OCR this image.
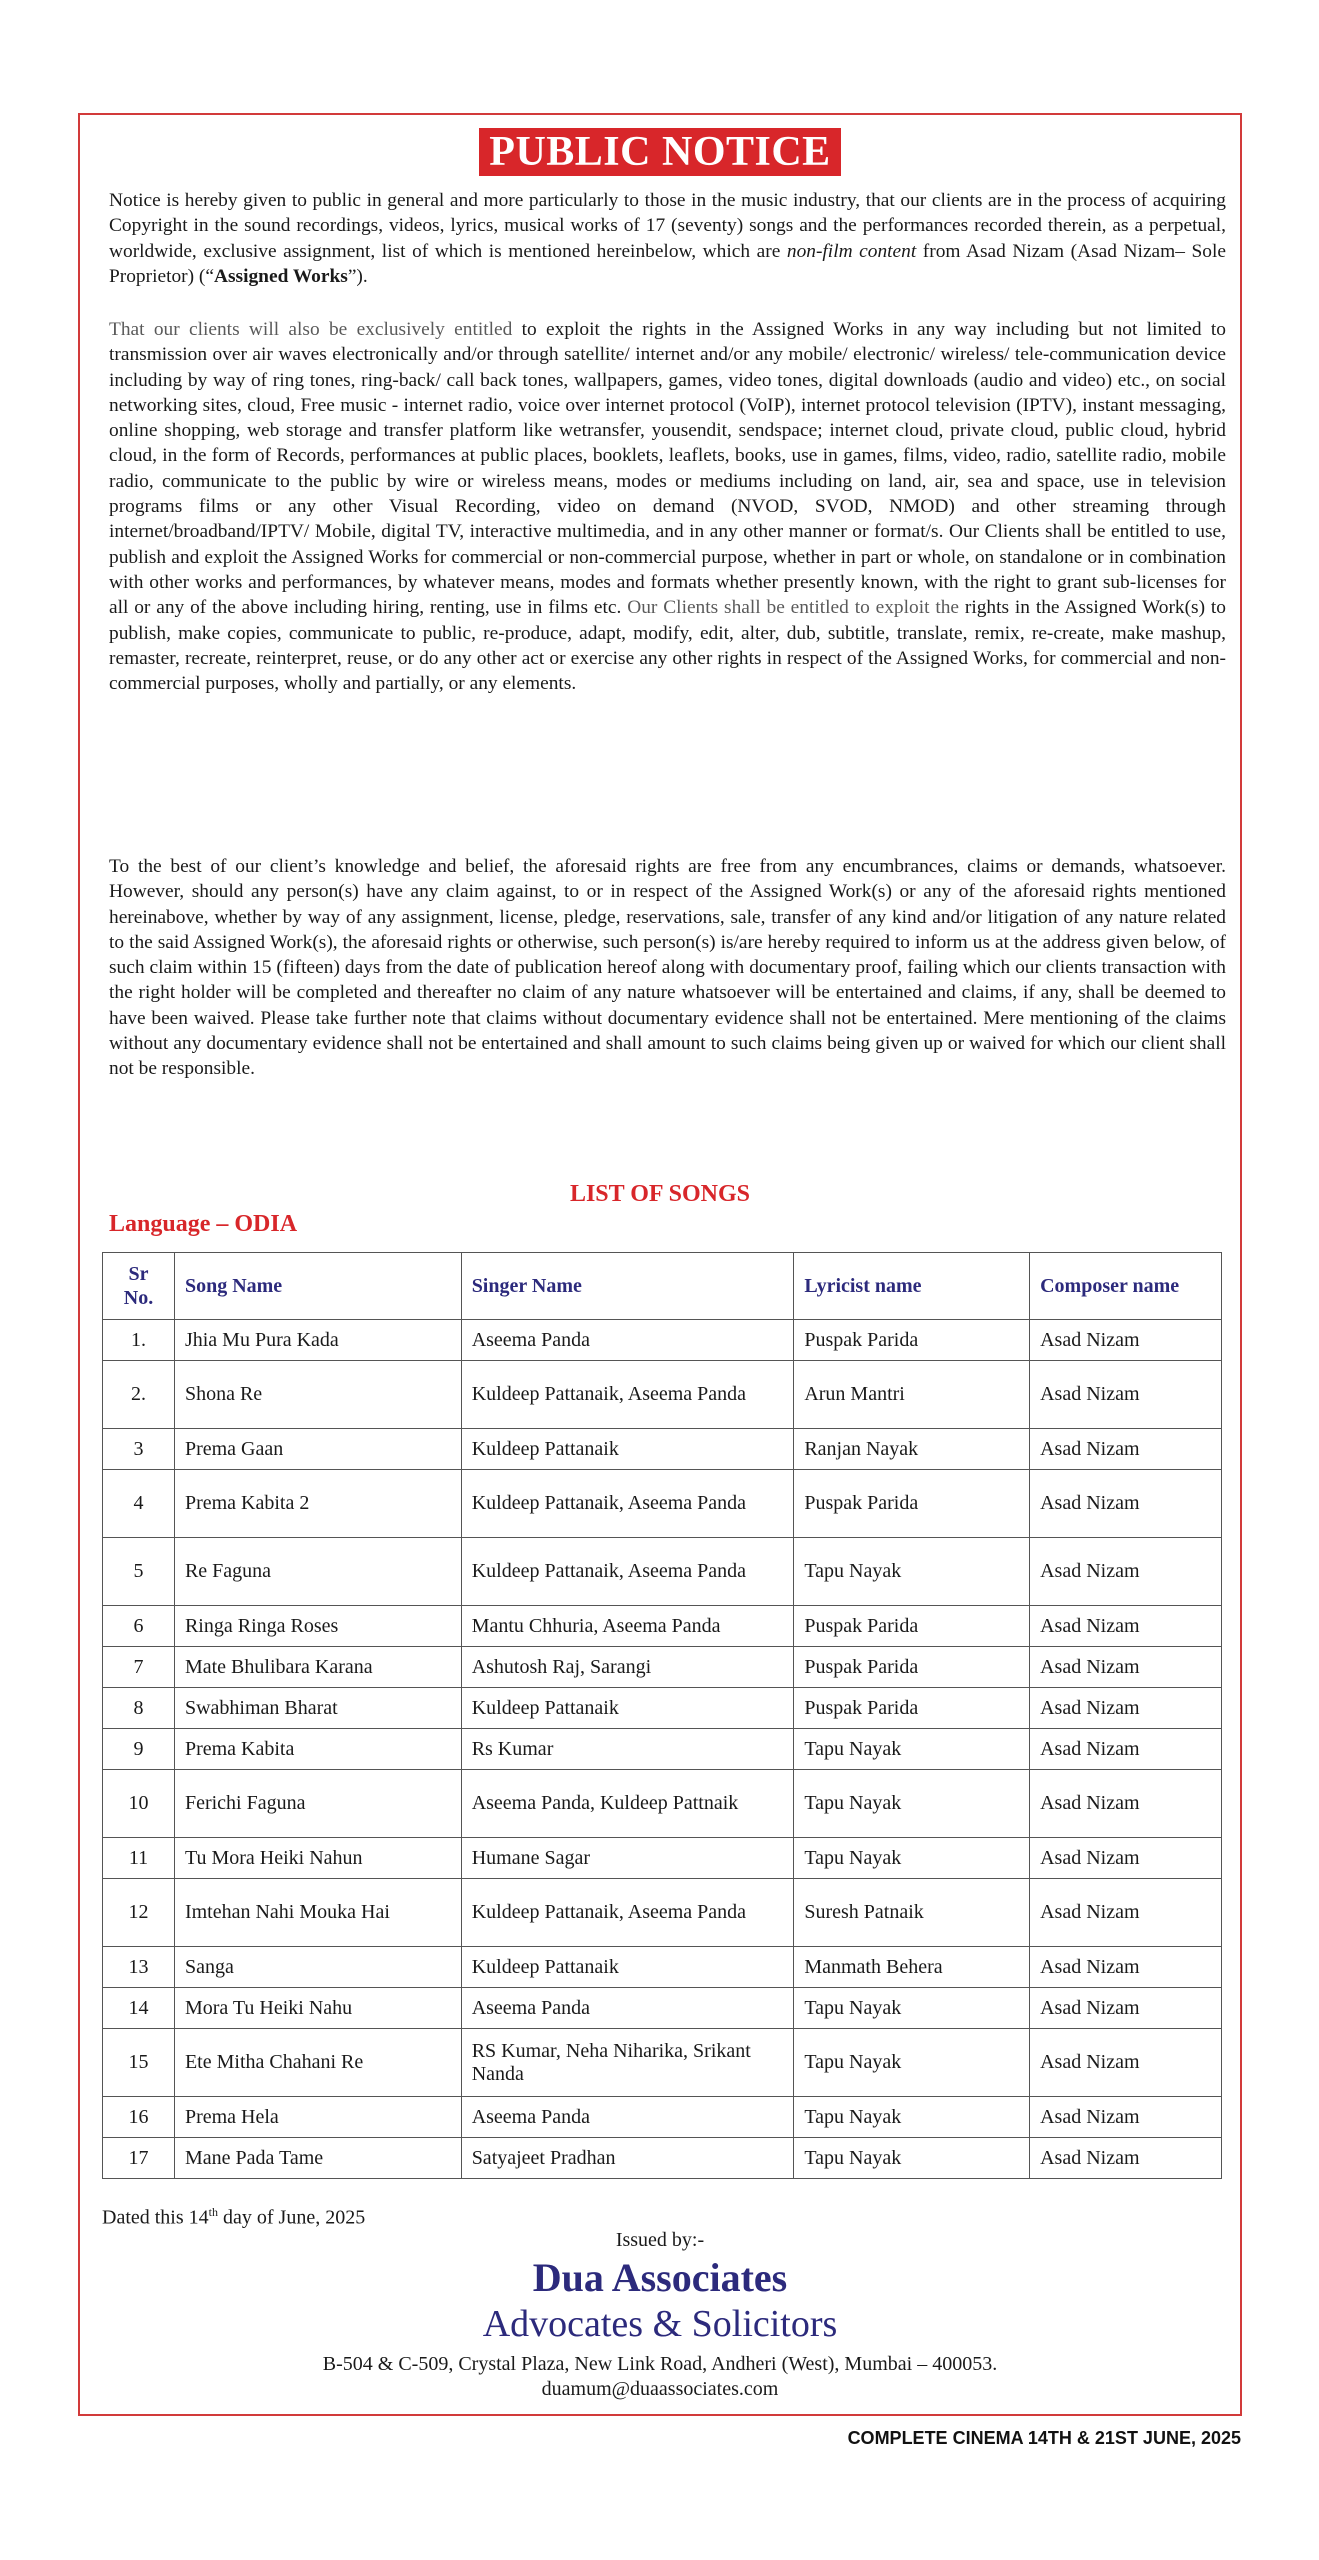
PUBLIC NOTICE

Notice is hereby given to public in general and more particularly to those in the music industry, that our clients are in the process of acquiring Copyright in the sound recordings, videos, lyrics, musical works of 17 (seventy) songs and the performances recorded therein, as a perpetual, worldwide, exclusive assignment, list of which is mentioned hereinbelow, which are non-film content from Asad Nizam (Asad Nizam– Sole Proprietor) (“Assigned Works”).

That our clients will also be exclusively entitled to exploit the rights in the Assigned Works in any way including but not limited to transmission over air waves electronically and/or through satellite/ internet and/or any mobile/ electronic/ wireless/ tele-communication device including by way of ring tones, ring-back/ call back tones, wallpapers, games, video tones, digital downloads (audio and video) etc., on social networking sites, cloud, Free music - internet radio, voice over internet protocol (VoIP), internet protocol television (IPTV), instant messaging, online shopping, web storage and transfer platform like wetransfer, yousendit, sendspace; internet cloud, private cloud, public cloud, hybrid cloud, in the form of Records, performances at public places, booklets, leaflets, books, use in games, films, video, radio, satellite radio, mobile radio, communicate to the public by wire or wireless means, modes or mediums including on land, air, sea and space, use in television programs films or any other Visual Recording, video on demand (NVOD, SVOD, NMOD) and other streaming through internet/broadband/IPTV/ Mobile, digital TV, interactive multimedia, and in any other manner or format/s. Our Clients shall be entitled to use, publish and exploit the Assigned Works for commercial or non-commercial purpose, whether in part or whole, on standalone or in combination with other works and performances, by whatever means, modes and formats whether presently known, with the right to grant sub-licenses for all or any of the above including hiring, renting, use in films etc. Our Clients shall be entitled to exploit the rights in the Assigned Work(s) to publish, make copies, communicate to public, re-produce, adapt, modify, edit, alter, dub, subtitle, translate, remix, re-create, make mashup, remaster, recreate, reinterpret, reuse, or do any other act or exercise any other rights in respect of the Assigned Works, for commercial and non-commercial purposes, wholly and partially, or any elements.

To the best of our client’s knowledge and belief, the aforesaid rights are free from any encumbrances, claims or demands, whatsoever. However, should any person(s) have any claim against, to or in respect of the Assigned Work(s) or any of the aforesaid rights mentioned hereinabove, whether by way of any assignment, license, pledge, reservations, sale, transfer of any kind and/or litigation of any nature related to the said Assigned Work(s), the aforesaid rights or otherwise, such person(s) is/are hereby required to inform us at the address given below, of such claim within 15 (fifteen) days from the date of publication hereof along with documentary proof, failing which our clients transaction with the right holder will be completed and thereafter no claim of any nature whatsoever will be entertained and claims, if any, shall be deemed to have been waived. Please take further note that claims without documentary evidence shall not be entertained. Mere mentioning of the claims without any documentary evidence shall not be entertained and shall amount to such claims being given up or waived for which our client shall not be responsible.

LIST OF SONGS
Language – ODIA
Sr No.	Song Name	Singer Name	Lyricist name	Composer name
1.	Jhia Mu Pura Kada	Aseema Panda	Puspak Parida	Asad Nizam
2.	Shona Re	Kuldeep Pattanaik, Aseema Panda	Arun Mantri	Asad Nizam
3	Prema Gaan	Kuldeep Pattanaik	Ranjan Nayak	Asad Nizam
4	Prema Kabita 2	Kuldeep Pattanaik, Aseema Panda	Puspak Parida	Asad Nizam
5	Re Faguna	Kuldeep Pattanaik, Aseema Panda	Tapu Nayak	Asad Nizam
6	Ringa Ringa Roses	Mantu Chhuria, Aseema Panda	Puspak Parida	Asad Nizam
7	Mate Bhulibara Karana	Ashutosh Raj, Sarangi	Puspak Parida	Asad Nizam
8	Swabhiman Bharat	Kuldeep Pattanaik	Puspak Parida	Asad Nizam
9	Prema Kabita	Rs Kumar	Tapu Nayak	Asad Nizam
10	Ferichi Faguna	Aseema Panda, Kuldeep Pattnaik	Tapu Nayak	Asad Nizam
11	Tu Mora Heiki Nahun	Humane Sagar	Tapu Nayak	Asad Nizam
12	Imtehan Nahi Mouka Hai	Kuldeep Pattanaik, Aseema Panda	Suresh Patnaik	Asad Nizam
13	Sanga	Kuldeep Pattanaik	Manmath Behera	Asad Nizam
14	Mora Tu Heiki Nahu	Aseema Panda	Tapu Nayak	Asad Nizam
15	Ete Mitha Chahani Re	RS Kumar, Neha Niharika, Srikant Nanda	Tapu Nayak	Asad Nizam
16	Prema Hela	Aseema Panda	Tapu Nayak	Asad Nizam
17	Mane Pada Tame	Satyajeet Pradhan	Tapu Nayak	Asad Nizam
Dated this 14th day of June, 2025
Issued by:-
Dua Associates
Advocates & Solicitors
B-504 & C-509, Crystal Plaza, New Link Road, Andheri (West), Mumbai – 400053.
duamum@duaassociates.com
COMPLETE CINEMA 14TH & 21ST JUNE, 2025
